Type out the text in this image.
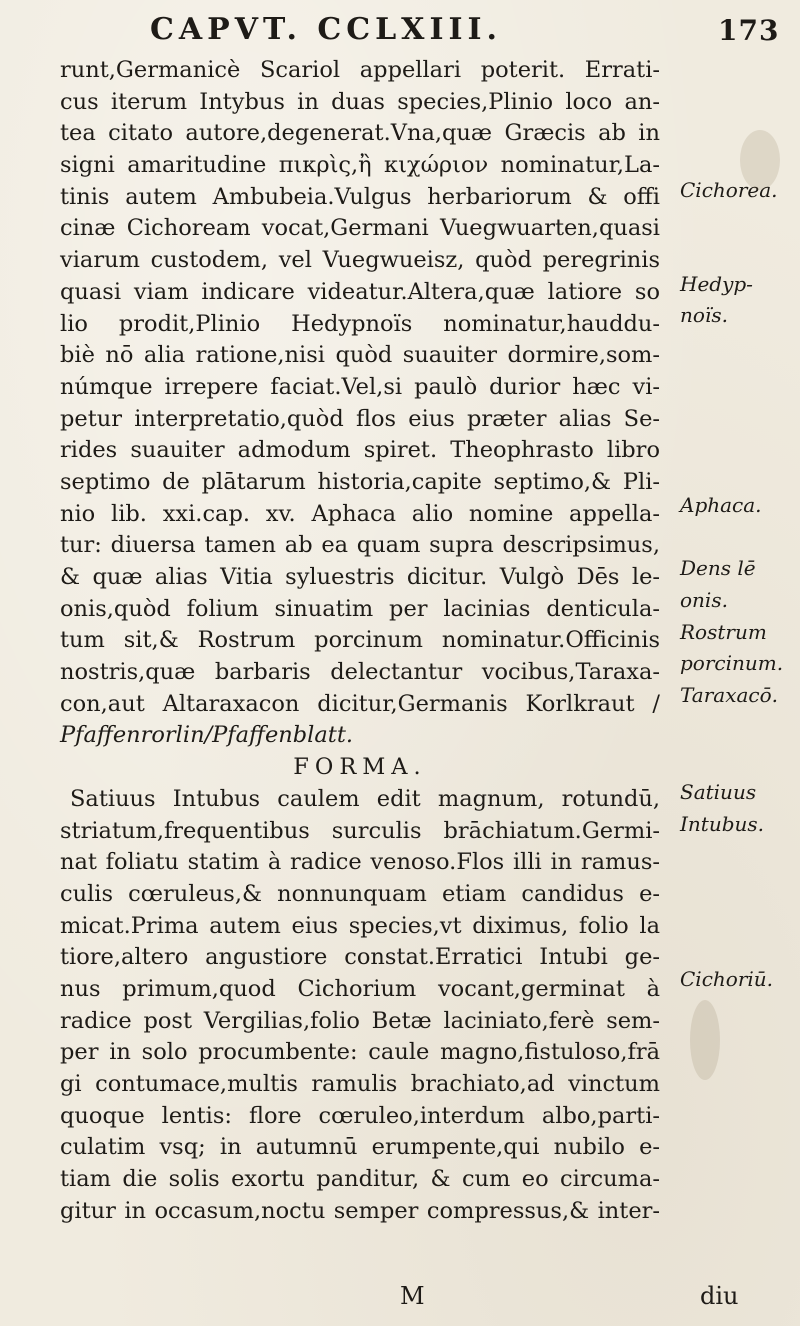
CAPVT. CCLXIII.	173
runt,Germanicè Scariol appellari poterit. Errati-
cus iterum Intybus in duas species,Plinio loco an-
tea citato autore,degenerat.Vna,quæ Græcis ab in
signi amaritudine πικρὶς,ἢ κιχώριον nominatur,La-
tinis autem Ambubeia.Vulgus herbariorum & offi
cinæ Cichoream vocat,Germani Vuegwuarten,quasi
viarum custodem, vel Vuegwueisz, quòd peregrinis
quasi viam indicare videatur.Altera,quæ latiore so
lio prodit,Plinio Hedypnoïs nominatur,hauddu-
biè nō alia ratione,nisi quòd suauiter dormire,som-
númque irrepere faciat.Vel,si paulò durior hæc vi-
petur interpretatio,quòd flos eius præter alias Se-
rides suauiter admodum spiret. Theophrasto libro
septimo de plātarum historia,capite septimo,& Pli-
nio lib. xxi.cap. xv. Aphaca alio nomine appella-
tur: diuersa tamen ab ea quam supra descripsimus,
& quæ alias Vitia syluestris dicitur. Vulgò Dēs le-
onis,quòd folium sinuatim per lacinias denticula-
tum sit,& Rostrum porcinum nominatur.Officinis
nostris,quæ barbaris delectantur vocibus,Taraxa-
con,aut Altaraxacon dicitur,Germanis Korlkraut /
Pfaffenrorlin/Pfaffenblatt.
FORMA.
Satiuus Intubus caulem edit magnum, rotundū,
striatum,frequentibus surculis brāchiatum.Germi-
nat foliatu statim à radice venoso.Flos illi in ramus-
culis cœruleus,& nonnunquam etiam candidus e-
micat.Prima autem eius species,vt diximus, folio la
tiore,altero angustiore constat.Erratici Intubi ge-
nus primum,quod Cichorium vocant,germinat à
radice post Vergilias,folio Betæ laciniato,ferè sem-
per in solo procumbente: caule magno,fistuloso,frā
gi contumace,multis ramulis brachiato,ad vinctum
quoque lentis: flore cœruleo,interdum albo,parti-
culatim vsq; in autumnū erumpente,qui nubilo e-
tiam die solis exortu panditur, & cum eo circuma-
gitur in occasum,noctu semper compressus,& inter-
Cichorea.
Hedyp-
noïs.
Aphaca.
Dens lē
onis.
Rostrum
porcinum.
Taraxacō.
Satiuus
Intubus.
Cichoriū.
M	diu
